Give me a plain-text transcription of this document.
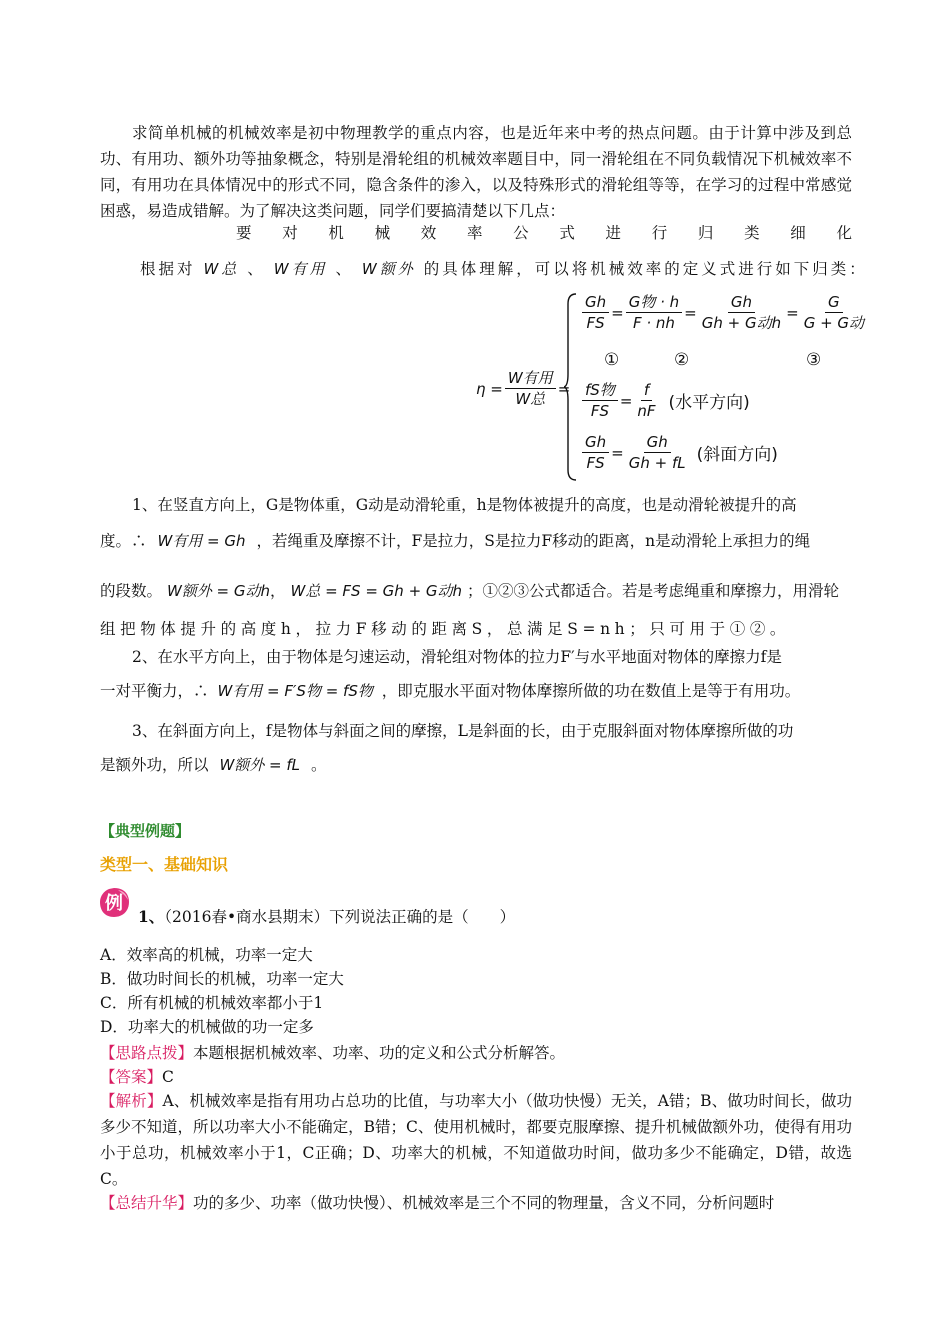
求简单机械的机械效率是初中物理教学的重点内容，也是近年来中考的热点问题。由于计算中涉及到总功、有用功、额外功等抽象概念，特别是滑轮组的机械效率题目中，同一滑轮组在不同负载情况下机械效率不同，有用功在具体情况中的形式不同，隐含条件的渗入，以及特殊形式的滑轮组等等，在学习的过程中常感觉困惑，易造成错解。为了解决这类问题，同学们要搞清楚以下几点：
要 对 机 械 效 率 公 式 进 行 归 类 细 化
根据对 W总 、 W有用 、 W额外 的具体理解，可以将机械效率的定义式进行如下归类：
$\eta = \frac{\text{W有用}}{\text{W总}}$ =
$\frac{Gh}{FS} = \frac{\text{G物 · h}}{F \cdot nh} = \frac{Gh}{\text{Gh + G动h}} = \frac{G}{\text{G + G动}}$
①	②	③
$\frac{\text{fS物}}{FS} = \frac{f}{nF}$ (水平方向)
$\frac{Gh}{FS} = \frac{Gh}{Gh + fL}$ (斜面方向)
1、在竖直方向上，G是物体重，G动是动滑轮重，h是物体被提升的高度，也是动滑轮被提升的高
度。∴ W有用 = Gh ，若绳重及摩擦不计，F是拉力，S是拉力F移动的距离，n是动滑轮上承担力的绳
的段数。 W额外 = G动h， W总 = FS = Gh + G动h ；①②③公式都适合。若是考虑绳重和摩擦力，用滑轮
组把物体提升的高度h，拉力F移动的距离S，总满足S=nh；只可用于①②。
2、在水平方向上，由于物体是匀速运动，滑轮组对物体的拉力F′与水平地面对物体的摩擦力f是
一对平衡力，∴ W有用 = F′S物 = fS物 ，即克服水平面对物体摩擦所做的功在数值上是等于有用功。
3、在斜面方向上，f是物体与斜面之间的摩擦，L是斜面的长，由于克服斜面对物体摩擦所做的功
是额外功，所以 W额外 = fL 。
【典型例题】
类型一、基础知识
例
1、（2016春•商水县期末）下列说法正确的是（　　）
A．效率高的机械，功率一定大
B．做功时间长的机械，功率一定大
C．所有机械的机械效率都小于1
D．功率大的机械做的功一定多
【思路点拨】本题根据机械效率、功率、功的定义和公式分析解答。
【答案】C
【解析】A、机械效率是指有用功占总功的比值，与功率大小（做功快慢）无关，A错；B、做功时间长，做功多少不知道，所以功率大小不能确定，B错；C、使用机械时，都要克服摩擦、提升机械做额外功，使得有用功小于总功，机械效率小于1，C正确；D、功率大的机械，不知道做功时间，做功多少不能确定，D错，故选C。
【总结升华】功的多少、功率（做功快慢）、机械效率是三个不同的物理量，含义不同，分析问题时
